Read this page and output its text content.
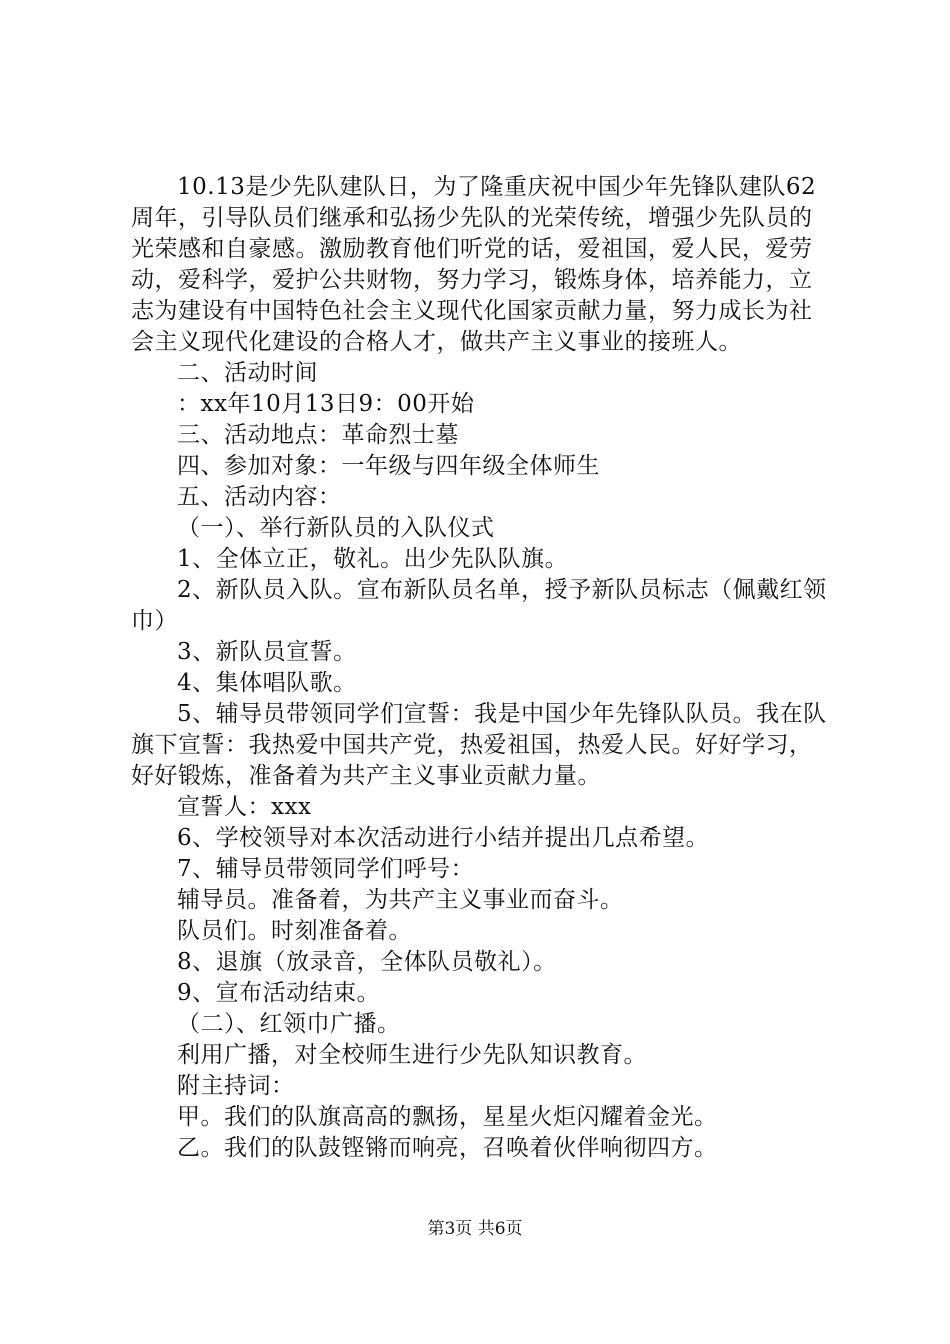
10.13是少先队建队日，为了隆重庆祝中国少年先锋队建队62周年，引导队员们继承和弘扬少先队的光荣传统，增强少先队员的光荣感和自豪感。激励教育他们听党的话，爱祖国，爱人民，爱劳动，爱科学，爱护公共财物，努力学习，锻炼身体，培养能力，立志为建设有中国特色社会主义现代化国家贡献力量，努力成长为社会主义现代化建设的合格人才，做共产主义事业的接班人。

二、活动时间

：xx年10月13日9：00开始

三、活动地点：革命烈士墓

四、参加对象：一年级与四年级全体师生

五、活动内容：

（一）、举行新队员的入队仪式

1、全体立正，敬礼。出少先队队旗。

2、新队员入队。宣布新队员名单，授予新队员标志（佩戴红领巾）

3、新队员宣誓。

4、集体唱队歌。

5、辅导员带领同学们宣誓：我是中国少年先锋队队员。我在队旗下宣誓：我热爱中国共产党，热爱祖国，热爱人民。好好学习，好好锻炼，准备着为共产主义事业贡献力量。

宣誓人：xxx

6、学校领导对本次活动进行小结并提出几点希望。

7、辅导员带领同学们呼号：

辅导员。准备着，为共产主义事业而奋斗。

队员们。时刻准备着。

8、退旗（放录音，全体队员敬礼）。

9、宣布活动结束。

（二）、红领巾广播。

利用广播，对全校师生进行少先队知识教育。

附主持词：

甲。我们的队旗高高的飘扬，星星火炬闪耀着金光。

乙。我们的队鼓铿锵而响亮，召唤着伙伴响彻四方。

第3页 共6页
